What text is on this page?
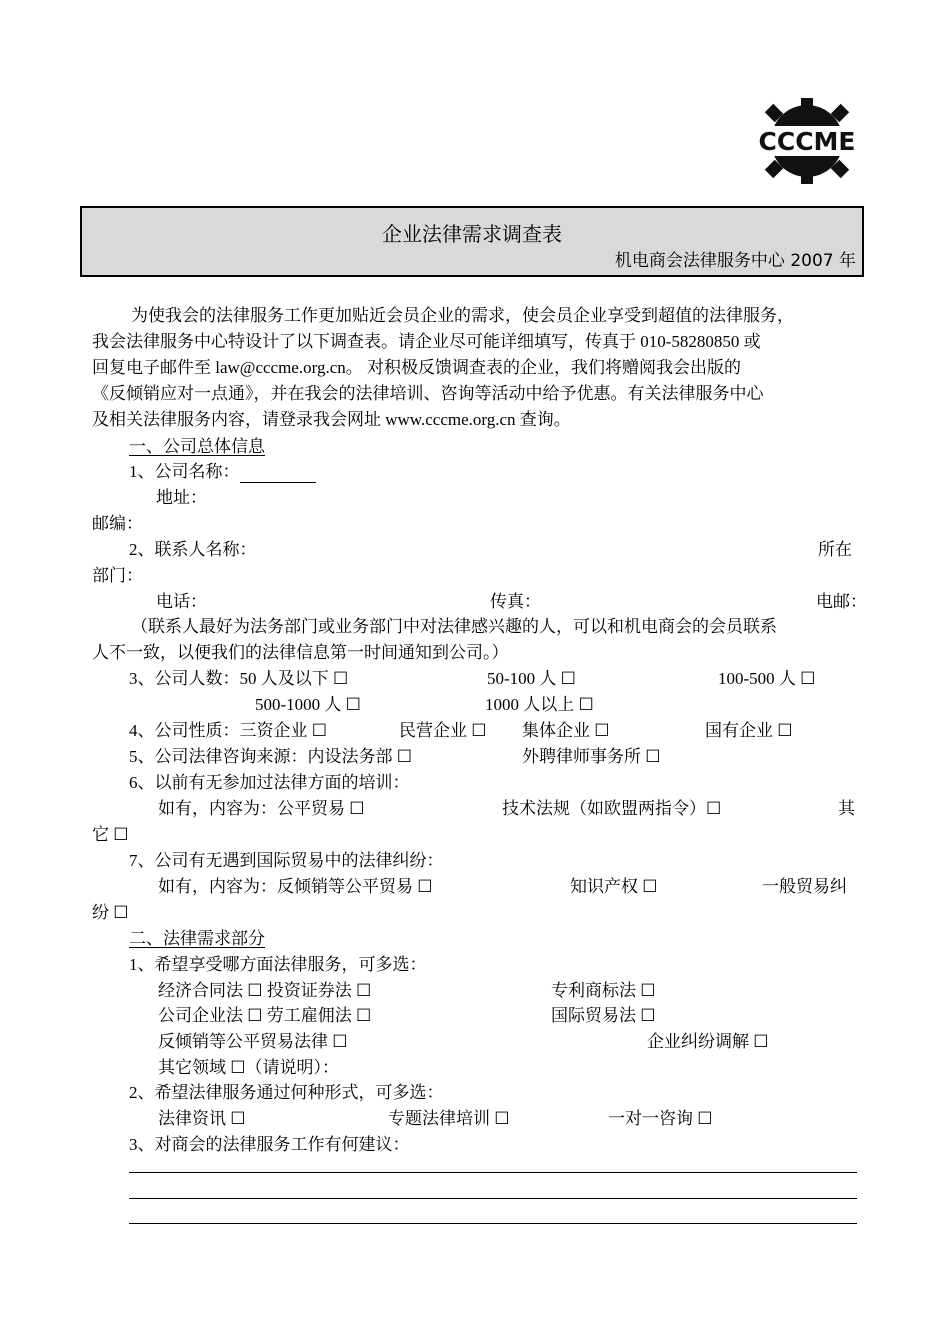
CCCME
企业法律需求调查表
机电商会法律服务中心 2007 年
为使我会的法律服务工作更加贴近会员企业的需求，使会员企业享受到超值的法律服务，
我会法律服务中心特设计了以下调查表。请企业尽可能详细填写，传真于 010-58280850 或
回复电子邮件至 law@cccme.org.cn。 对积极反馈调查表的企业，我们将赠阅我会出版的
《反倾销应对一点通》，并在我会的法律培训、咨询等活动中给予优惠。有关法律服务中心
及相关法律服务内容，请登录我会网址 www.cccme.org.cn 查询。
一、公司总体信息
1、公司名称：
地址：
邮编：
2、联系人名称：	所在
部门：
电话：	传真：	电邮：
（联系人最好为法务部门或业务部门中对法律感兴趣的人，可以和机电商会的会员联系
人不一致，以便我们的法律信息第一时间通知到公司。）
3、公司人数：50 人及以下 ☐	50-100 人 ☐	100-500 人 ☐
500-1000 人 ☐	1000 人以上 ☐
4、公司性质：三资企业 ☐	民营企业 ☐ 集体企业 ☐	国有企业 ☐
5、公司法律咨询来源：内设法务部 ☐	外聘律师事务所 ☐
6、以前有无参加过法律方面的培训：
如有，内容为：公平贸易 ☐	技术法规（如欧盟两指令）☐	其
它 ☐
7、公司有无遇到国际贸易中的法律纠纷：
如有，内容为：反倾销等公平贸易 ☐	知识产权 ☐	一般贸易纠
纷 ☐
二、法律需求部分
1、希望享受哪方面法律服务，可多选：
经济合同法 ☐ 投资证券法 ☐	专利商标法 ☐
公司企业法 ☐ 劳工雇佣法 ☐	国际贸易法 ☐
反倾销等公平贸易法律 ☐	企业纠纷调解 ☐
其它领域 ☐（请说明）：
2、希望法律服务通过何种形式，可多选：
法律资讯 ☐	专题法律培训 ☐	一对一咨询 ☐
3、对商会的法律服务工作有何建议：
